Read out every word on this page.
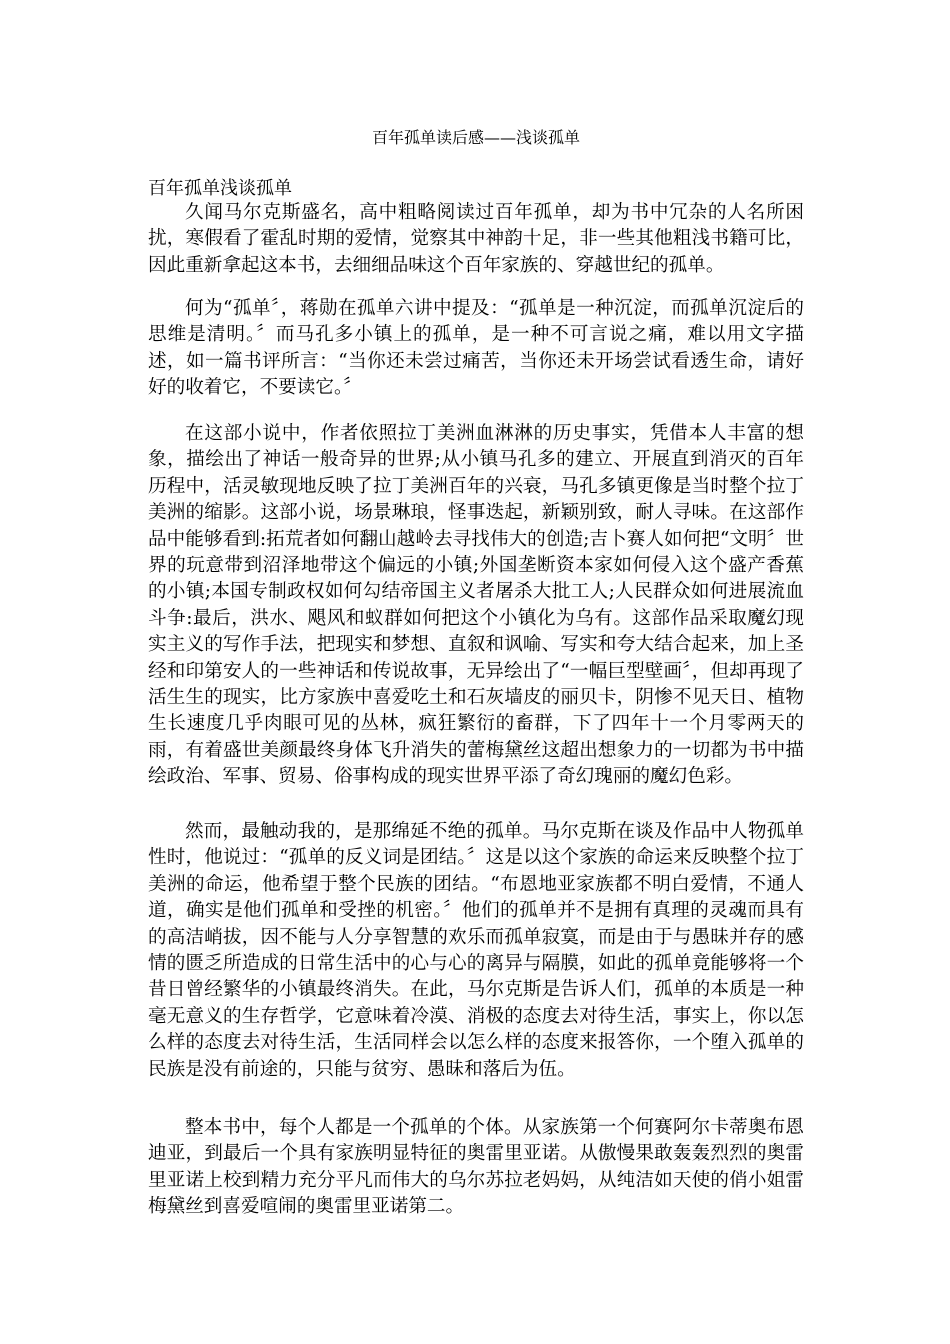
百年孤单读后感——浅谈孤单
百年孤单浅谈孤单

久闻马尔克斯盛名，高中粗略阅读过百年孤单，却为书中冗杂的人名所困扰，寒假看了霍乱时期的爱情，觉察其中神韵十足，非一些其他粗浅书籍可比，因此重新拿起这本书，去细细品味这个百年家族的、穿越世纪的孤单。

何为“孤单〞，蒋勋在孤单六讲中提及：“孤单是一种沉淀，而孤单沉淀后的思维是清明。〞而马孔多小镇上的孤单，是一种不可言说之痛，难以用文字描述，如一篇书评所言：“当你还未尝过痛苦，当你还未开场尝试看透生命，请好好的收着它，不要读它。〞

在这部小说中，作者依照拉丁美洲血淋淋的历史事实，凭借本人丰富的想象，描绘出了神话一般奇异的世界;从小镇马孔多的建立、开展直到消灭的百年历程中，活灵敏现地反映了拉丁美洲百年的兴衰，马孔多镇更像是当时整个拉丁美洲的缩影。这部小说，场景琳琅，怪事迭起，新颖别致，耐人寻味。在这部作品中能够看到:拓荒者如何翻山越岭去寻找伟大的创造;吉卜赛人如何把“文明〞世界的玩意带到沼泽地带这个偏远的小镇;外国垄断资本家如何侵入这个盛产香蕉的小镇;本国专制政权如何勾结帝国主义者屠杀大批工人;人民群众如何进展流血斗争:最后，洪水、飓风和蚁群如何把这个小镇化为乌有。这部作品采取魔幻现实主义的写作手法，把现实和梦想、直叙和讽喻、写实和夸大结合起来，加上圣经和印第安人的一些神话和传说故事，无异绘出了“一幅巨型壁画〞，但却再现了活生生的现实，比方家族中喜爱吃土和石灰墙皮的丽贝卡，阴惨不见天日、植物生长速度几乎肉眼可见的丛林，疯狂繁衍的畜群，下了四年十一个月零两天的雨，有着盛世美颜最终身体飞升消失的蕾梅黛丝这超出想象力的一切都为书中描绘政治、军事、贸易、俗事构成的现实世界平添了奇幻瑰丽的魔幻色彩。

然而，最触动我的，是那绵延不绝的孤单。马尔克斯在谈及作品中人物孤单性时，他说过：“孤单的反义词是团结。〞这是以这个家族的命运来反映整个拉丁美洲的命运，他希望于整个民族的团结。“布恩地亚家族都不明白爱情，不通人道，确实是他们孤单和受挫的机密。〞他们的孤单并不是拥有真理的灵魂而具有的高洁峭拔，因不能与人分享智慧的欢乐而孤单寂寞，而是由于与愚昧并存的感情的匮乏所造成的日常生活中的心与心的离异与隔膜，如此的孤单竟能够将一个昔日曾经繁华的小镇最终消失。在此，马尔克斯是告诉人们，孤单的本质是一种毫无意义的生存哲学，它意味着冷漠、消极的态度去对待生活，事实上，你以怎么样的态度去对待生活，生活同样会以怎么样的态度来报答你，一个堕入孤单的民族是没有前途的，只能与贫穷、愚昧和落后为伍。

整本书中，每个人都是一个孤单的个体。从家族第一个何赛阿尔卡蒂奥布恩迪亚，到最后一个具有家族明显特征的奥雷里亚诺。从傲慢果敢轰轰烈烈的奥雷里亚诺上校到精力充分平凡而伟大的乌尔苏拉老妈妈，从纯洁如天使的俏小姐雷梅黛丝到喜爱喧闹的奥雷里亚诺第二。
